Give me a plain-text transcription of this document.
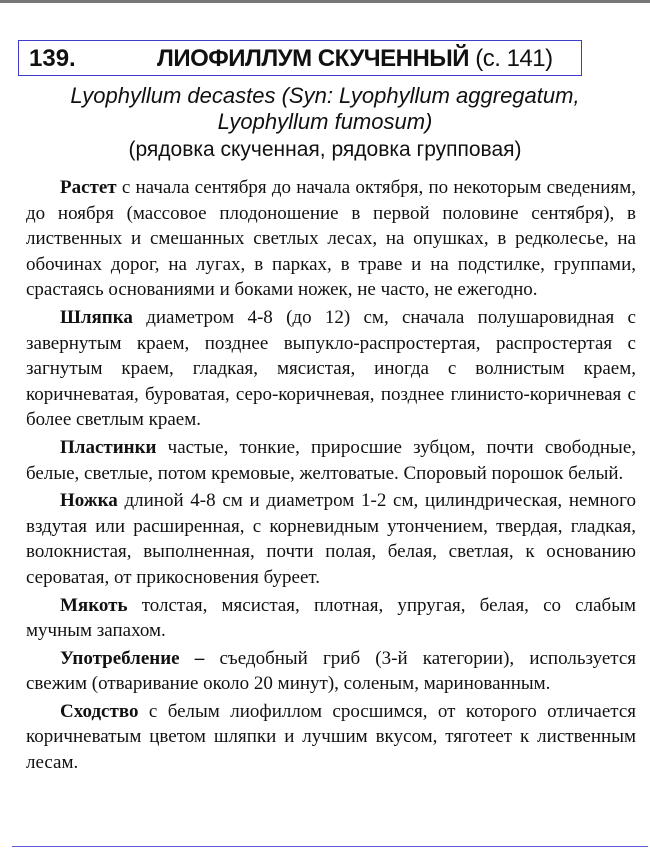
139.	ЛИОФИЛЛУМ СКУЧЕННЫЙ (с. 141)
Lyophyllum decastes (Syn: Lyophyllum aggregatum,
Lyophyllum fumosum)
(рядовка скученная, рядовка групповая)

Растет с начала сентября до начала октября, по некоторым сведениям, до ноября (массовое плодоношение в первой половине сентября), в лиственных и смешанных светлых лесах, на опушках, в редколесье, на обочинах дорог, на лугах, в парках, в траве и на подстилке, группами, срастаясь основаниями и боками ножек, не часто, не ежегодно.

Шляпка диаметром 4-8 (до 12) см, сначала полушаровидная с завернутым краем, позднее выпукло-распростертая, распростертая с загнутым краем, гладкая, мясистая, иногда с волнистым краем, коричневатая, буроватая, серо-коричневая, позднее глинисто-коричневая с более светлым краем.

Пластинки частые, тонкие, приросшие зубцом, почти свободные, белые, светлые, потом кремовые, желтоватые. Споровый порошок белый.

Ножка длиной 4-8 см и диаметром 1-2 см, цилиндрическая, немного вздутая или расширенная, с корневидным утончением, твердая, гладкая, волокнистая, выполненная, почти полая, белая, светлая, к основанию сероватая, от прикосновения буреет.

Мякоть толстая, мясистая, плотная, упругая, белая, со слабым мучным запахом.

Употребление – съедобный гриб (3-й категории), используется свежим (отваривание около 20 минут), соленым, маринованным.

Сходство с белым лиофиллом сросшимся, от которого отличается коричневатым цветом шляпки и лучшим вкусом, тяготеет к лиственным лесам.
